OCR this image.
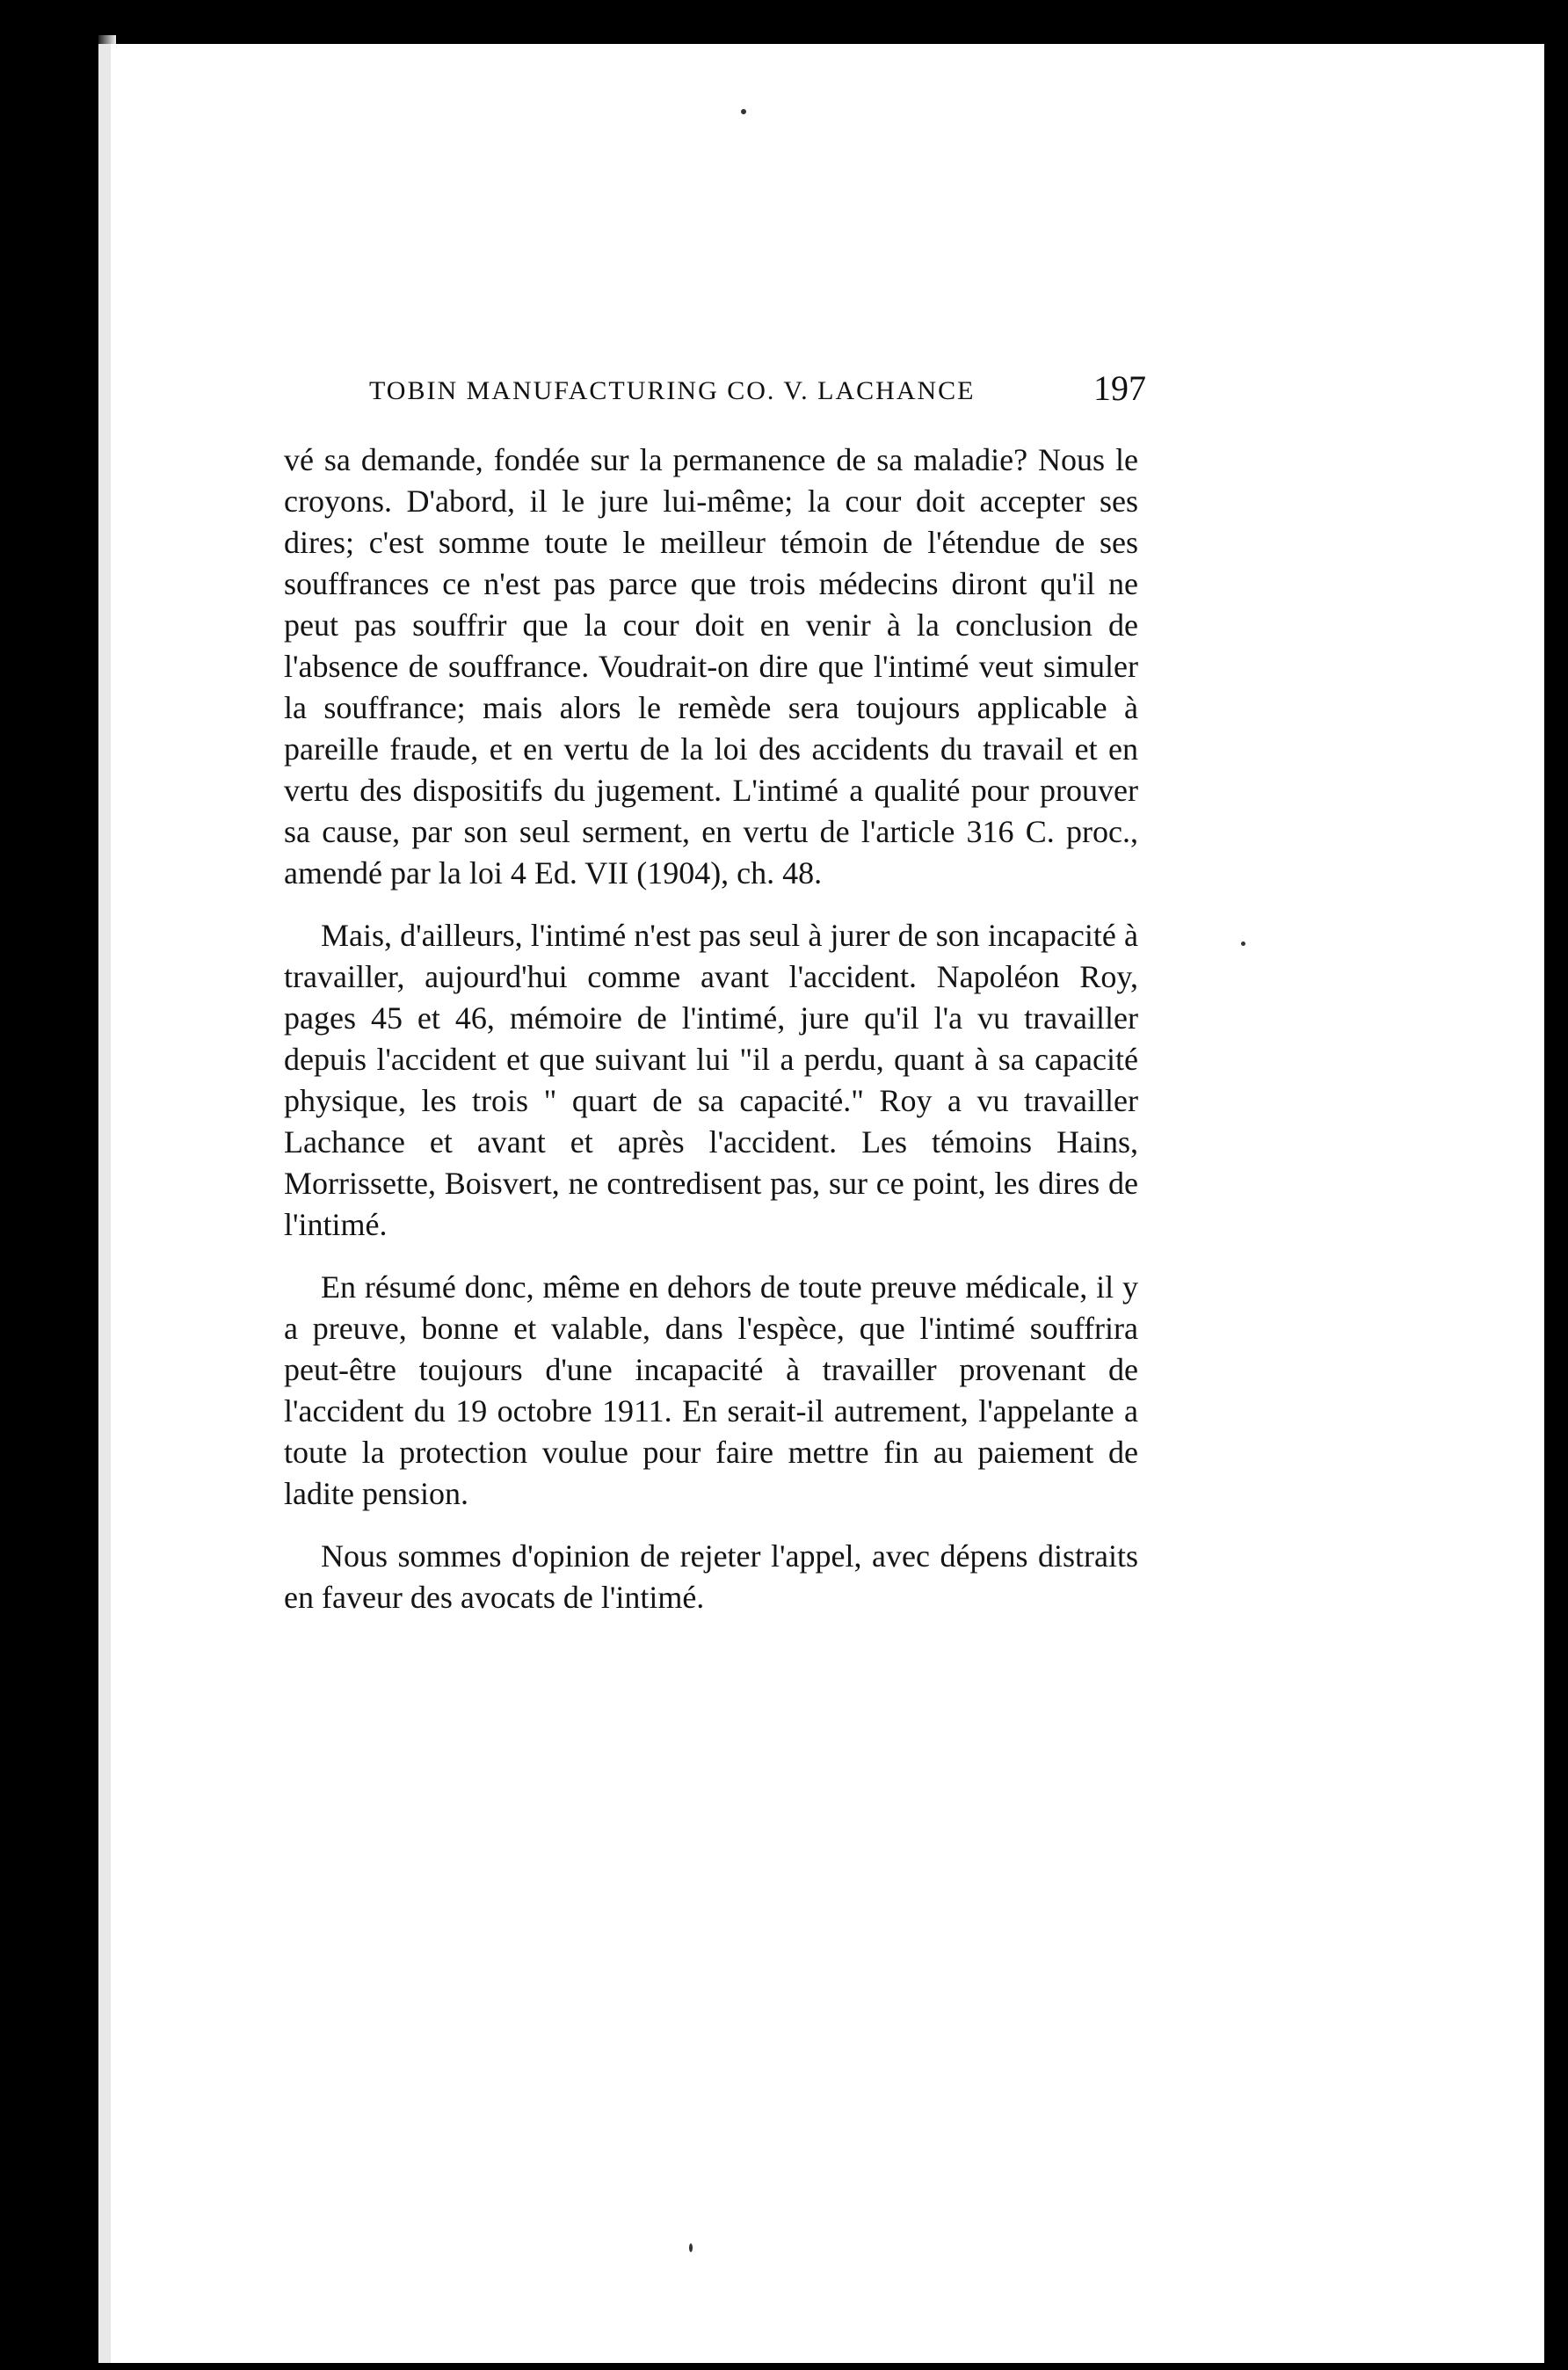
TOBIN MANUFACTURING CO. V. LACHANCE	197

vé sa demande, fondée sur la permanence de sa maladie? Nous le croyons. D'abord, il le jure lui-même; la cour doit accepter ses dires; c'est somme toute le meilleur témoin de l'étendue de ses souffrances ce n'est pas parce que trois médecins diront qu'il ne peut pas souffrir que la cour doit en venir à la conclusion de l'absence de souffrance. Voudrait-on dire que l'intimé veut simuler la souffrance; mais alors le remède sera toujours applicable à pareille fraude, et en vertu de la loi des accidents du travail et en vertu des dispositifs du jugement. L'intimé a qualité pour prouver sa cause, par son seul serment, en vertu de l'article 316 C. proc., amendé par la loi 4 Ed. VII (1904), ch. 48.

Mais, d'ailleurs, l'intimé n'est pas seul à jurer de son incapacité à travailler, aujourd'hui comme avant l'accident. Napoléon Roy, pages 45 et 46, mémoire de l'intimé, jure qu'il l'a vu travailler depuis l'accident et que suivant lui "il a perdu, quant à sa capacité physique, les trois " quart de sa capacité." Roy a vu travailler Lachance et avant et après l'accident. Les témoins Hains, Morrissette, Boisvert, ne contredisent pas, sur ce point, les dires de l'intimé.

En résumé donc, même en dehors de toute preuve médicale, il y a preuve, bonne et valable, dans l'espèce, que l'intimé souffrira peut-être toujours d'une incapacité à travailler provenant de l'accident du 19 octobre 1911. En serait-il autrement, l'appelante a toute la protection voulue pour faire mettre fin au paiement de ladite pension.

Nous sommes d'opinion de rejeter l'appel, avec dépens distraits en faveur des avocats de l'intimé.
